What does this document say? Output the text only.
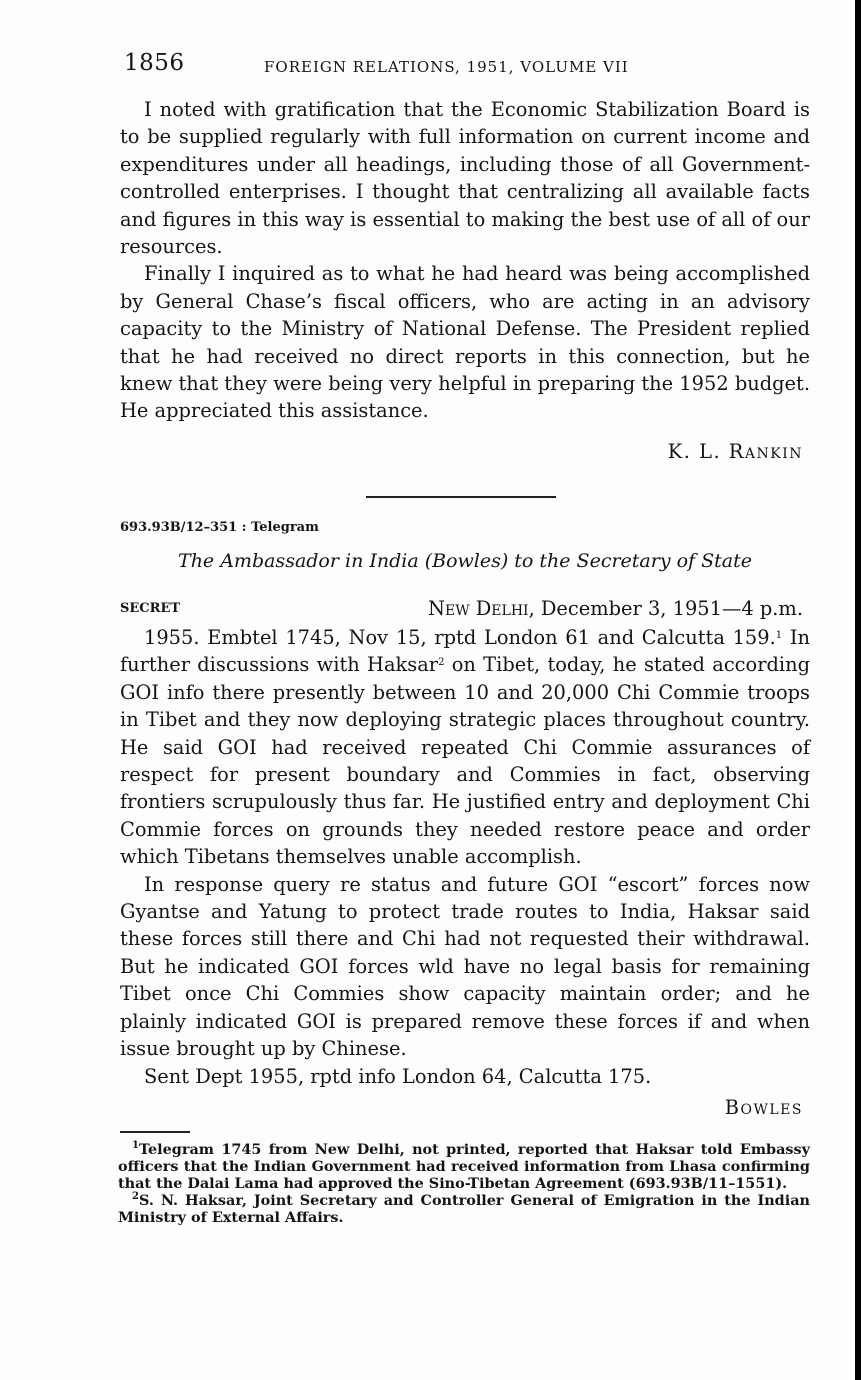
1856	FOREIGN RELATIONS, 1951, VOLUME VII

I noted with gratification that the Economic Stabilization Board is to be supplied regularly with full information on current income and expenditures under all headings, including those of all Government-controlled enterprises. I thought that centralizing all available facts and figures in this way is essential to making the best use of all of our resources.

Finally I inquired as to what he had heard was being accomplished by General Chase’s fiscal officers, who are acting in an advisory capacity to the Ministry of National Defense. The President replied that he had received no direct reports in this connection, but he knew that they were being very helpful in preparing the 1952 budget. He appreciated this assistance.

K. L. Rankin
693.93B/12–351 : Telegram
The Ambassador in India (Bowles) to the Secretary of State
SECRET	New Delhi, December 3, 1951—4 p.m.

1955. Embtel 1745, Nov 15, rptd London 61 and Calcutta 159.$^1$ In further discussions with Haksar$^2$ on Tibet, today, he stated according GOI info there presently between 10 and 20,000 Chi Commie troops in Tibet and they now deploying strategic places throughout country. He said GOI had received repeated Chi Commie assurances of respect for present boundary and Commies in fact, observing frontiers scrupulously thus far. He justified entry and deployment Chi Commie forces on grounds they needed restore peace and order which Tibetans themselves unable accomplish.

In response query re status and future GOI “escort” forces now Gyantse and Yatung to protect trade routes to India, Haksar said these forces still there and Chi had not requested their withdrawal. But he indicated GOI forces wld have no legal basis for remaining Tibet once Chi Commies show capacity maintain order; and he plainly indicated GOI is prepared remove these forces if and when issue brought up by Chinese.

Sent Dept 1955, rptd info London 64, Calcutta 175.

Bowles

$^1$Telegram 1745 from New Delhi, not printed, reported that Haksar told Embassy officers that the Indian Government had received information from Lhasa confirming that the Dalai Lama had approved the Sino-Tibetan Agreement (693.93B/11–1551).

$^2$S. N. Haksar, Joint Secretary and Controller General of Emigration in the Indian Ministry of External Affairs.
